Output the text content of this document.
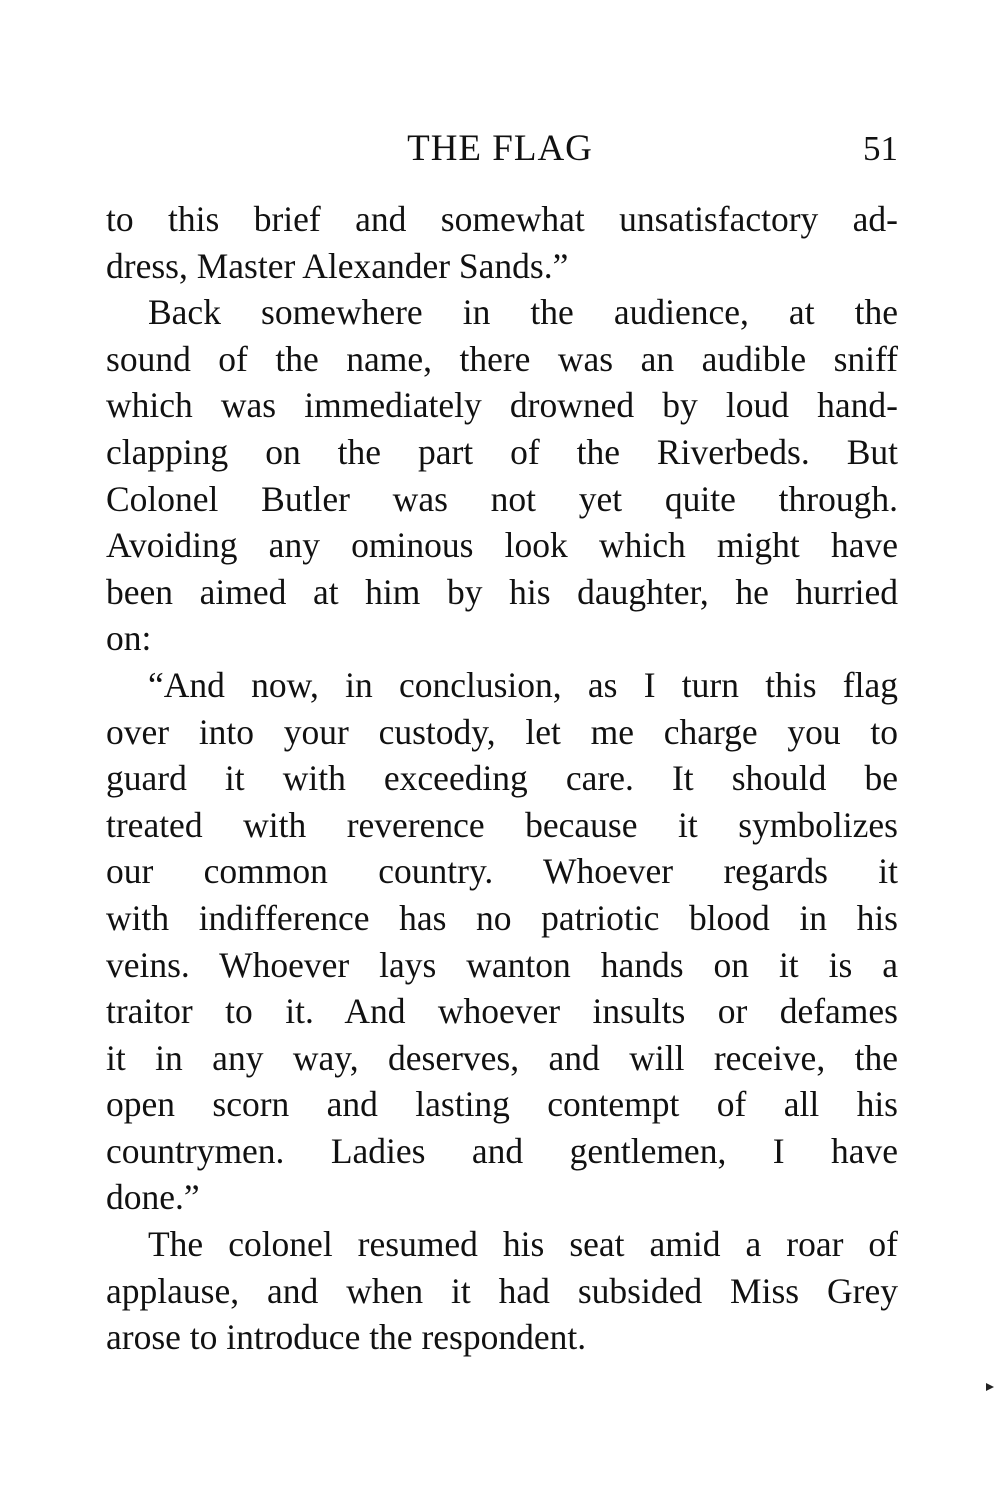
THE FLAG	51
to this brief and somewhat unsatisfactory ad-
dress, Master Alexander Sands.”
Back somewhere in the audience, at the
sound of the name, there was an audible sniff
which was immediately drowned by loud hand-
clapping on the part of the Riverbeds. But
Colonel Butler was not yet quite through.
Avoiding any ominous look which might have
been aimed at him by his daughter, he hurried
on:
“And now, in conclusion, as I turn this flag
over into your custody, let me charge you to
guard it with exceeding care. It should be
treated with reverence because it symbolizes
our common country. Whoever regards it
with indifference has no patriotic blood in his
veins. Whoever lays wanton hands on it is a
traitor to it. And whoever insults or defames
it in any way, deserves, and will receive, the
open scorn and lasting contempt of all his
countrymen. Ladies and gentlemen, I have
done.”
The colonel resumed his seat amid a roar of
applause, and when it had subsided Miss Grey
arose to introduce the respondent.
